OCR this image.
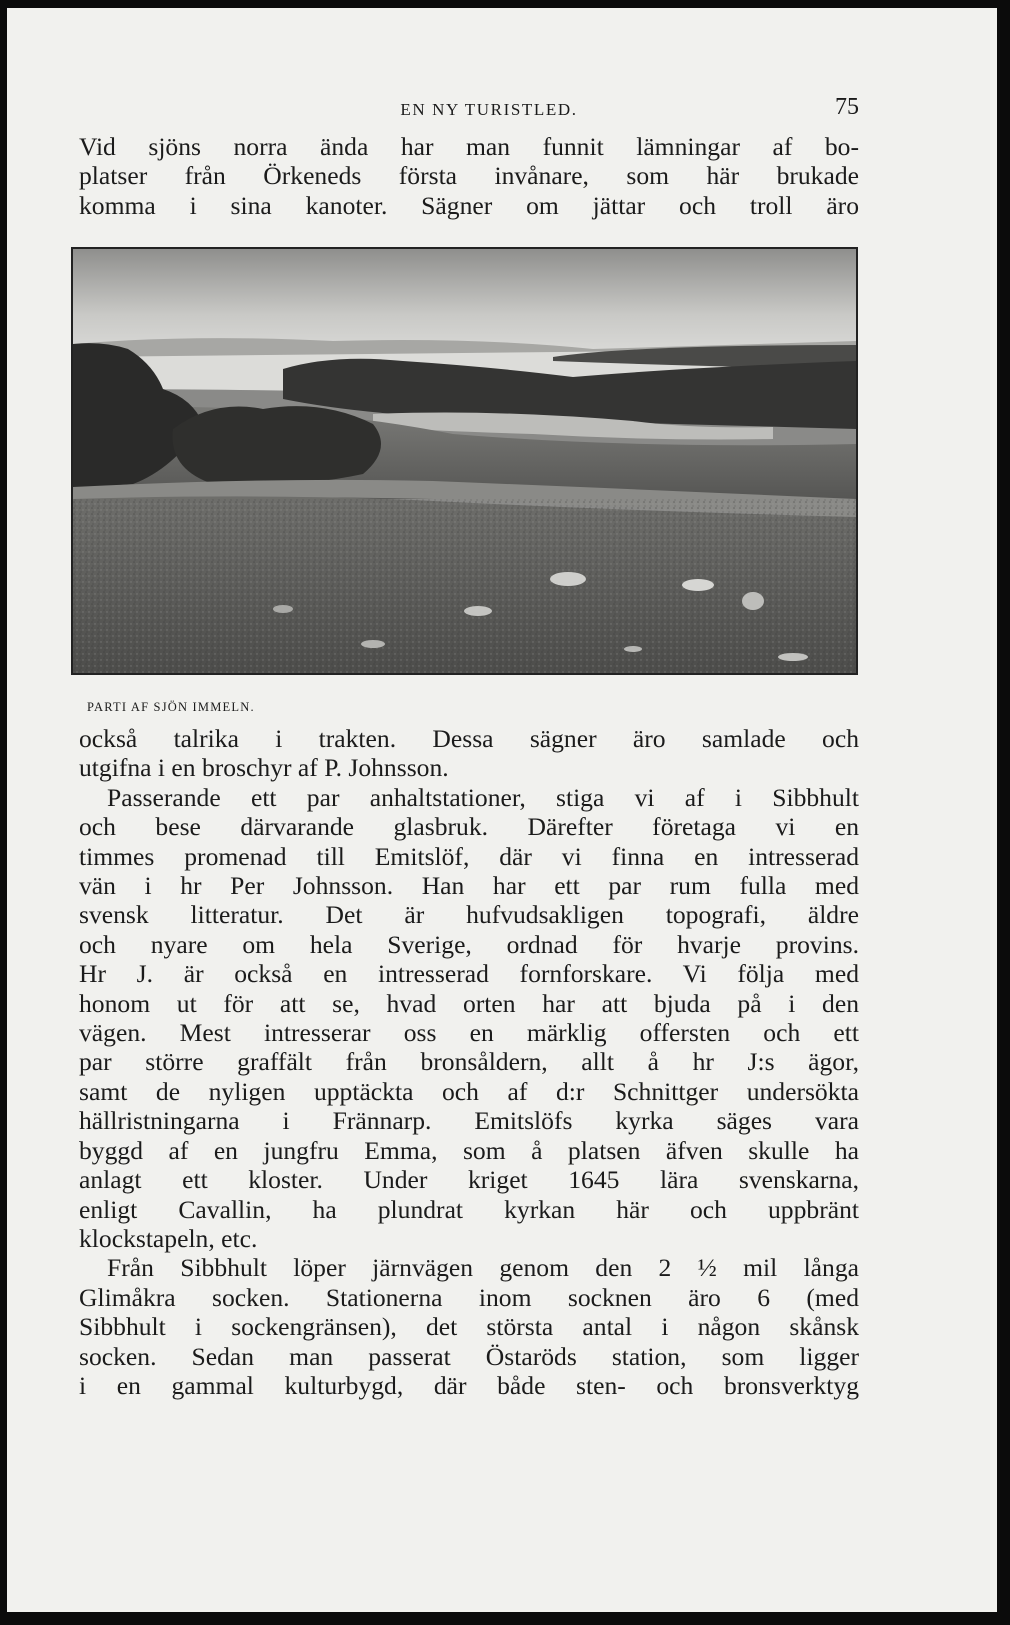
EN NY TURISTLED.	75

Vid sjöns norra ända har man funnit lämningar af bo-

platser från Örkeneds första invånare, som här brukade

komma i sina kanoter. Sägner om jättar och troll äro

PARTI AF SJÖN IMMELN.

också talrika i trakten. Dessa sägner äro samlade och

utgifna i en broschyr af P. Johnsson.

Passerande ett par anhaltstationer, stiga vi af i Sibbhult

och bese därvarande glasbruk. Därefter företaga vi en

timmes promenad till Emitslöf, där vi finna en intresserad

vän i hr Per Johnsson. Han har ett par rum fulla med

svensk litteratur. Det är hufvudsakligen topografi, äldre

och nyare om hela Sverige, ordnad för hvarje provins.

Hr J. är också en intresserad fornforskare. Vi följa med

honom ut för att se, hvad orten har att bjuda på i den

vägen. Mest intresserar oss en märklig offersten och ett

par större graffält från bronsåldern, allt å hr J:s ägor,

samt de nyligen upptäckta och af d:r Schnittger undersökta

hällristningarna i Frännarp. Emitslöfs kyrka säges vara

byggd af en jungfru Emma, som å platsen äfven skulle ha

anlagt ett kloster. Under kriget 1645 lära svenskarna,

enligt Cavallin, ha plundrat kyrkan här och uppbränt

klockstapeln, etc.

Från Sibbhult löper järnvägen genom den 2 ½ mil långa

Glimåkra socken. Stationerna inom socknen äro 6 (med

Sibbhult i sockengränsen), det största antal i någon skånsk

socken. Sedan man passerat Östaröds station, som ligger

i en gammal kulturbygd, där både sten- och bronsverktyg
